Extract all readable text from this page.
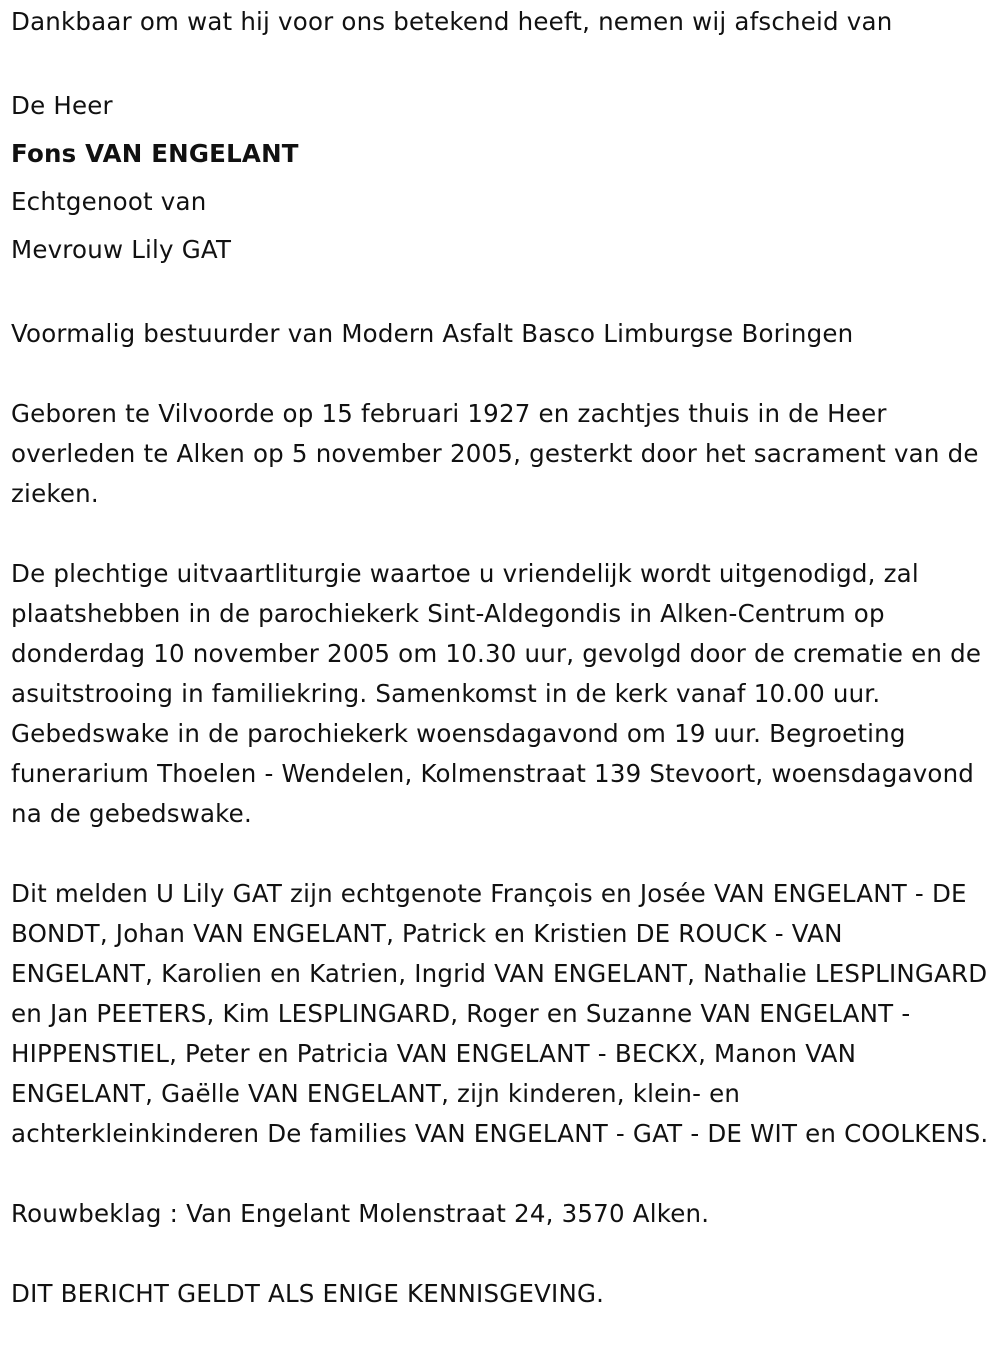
Dankbaar om wat hij voor ons betekend heeft, nemen wij afscheid van

De Heer

Fons VAN ENGELANT

Echtgenoot van

Mevrouw Lily GAT

Voormalig bestuurder van Modern Asfalt Basco Limburgse Boringen

Geboren te Vilvoorde op 15 februari 1927 en zachtjes thuis in de Heer overleden te Alken op 5 november 2005, gesterkt door het sacrament van de zieken.

De plechtige uitvaartliturgie waartoe u vriendelijk wordt uitgenodigd, zal plaatshebben in de parochiekerk Sint-Aldegondis in Alken-Centrum op donderdag 10 november 2005 om 10.30 uur, gevolgd door de crematie en de asuitstrooing in familiekring. Samenkomst in de kerk vanaf 10.00 uur. Gebedswake in de parochiekerk woensdagavond om 19 uur. Begroeting funerarium Thoelen - Wendelen, Kolmenstraat 139 Stevoort, woensdagavond na de gebedswake.

Dit melden U Lily GAT zijn echtgenote François en Josée VAN ENGELANT - DE BONDT, Johan VAN ENGELANT, Patrick en Kristien DE ROUCK - VAN ENGELANT, Karolien en Katrien, Ingrid VAN ENGELANT, Nathalie LESPLINGARD en Jan PEETERS, Kim LESPLINGARD, Roger en Suzanne VAN ENGELANT - HIPPENSTIEL, Peter en Patricia VAN ENGELANT - BECKX, Manon VAN ENGELANT, Gaëlle VAN ENGELANT, zijn kinderen, klein- en achterkleinkinderen De families VAN ENGELANT - GAT - DE WIT en COOLKENS.

Rouwbeklag : Van Engelant Molenstraat 24, 3570 Alken.

DIT BERICHT GELDT ALS ENIGE KENNISGEVING.
